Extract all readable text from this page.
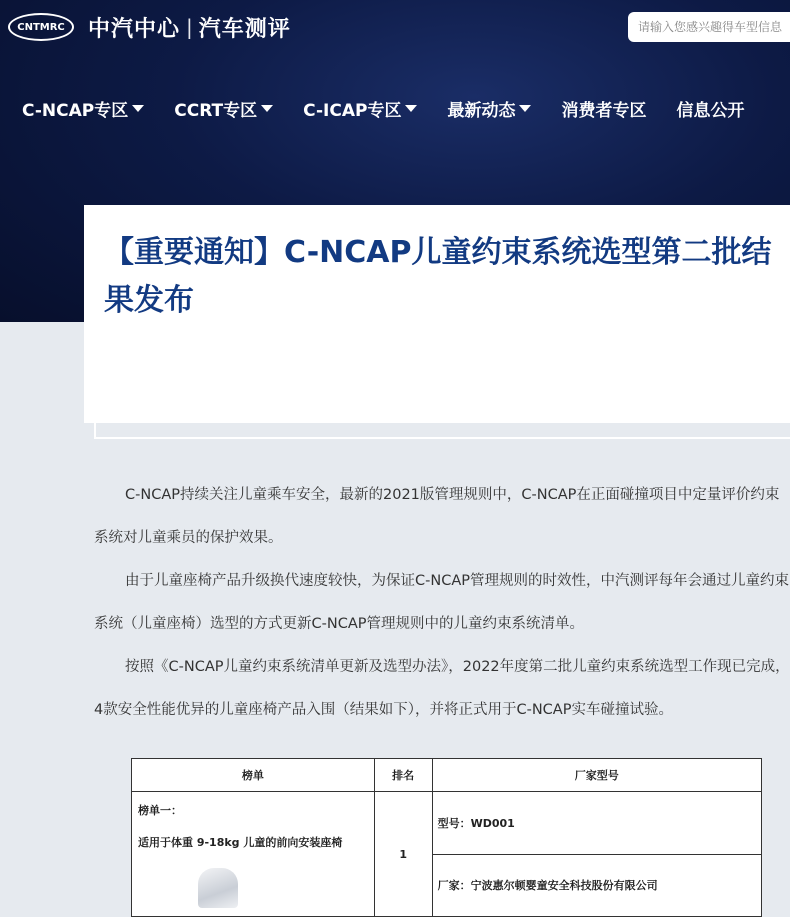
CNTMRC 中汽中心 | 汽车测评	请输入您感兴趣得车型信息
C-NCAP专区	CCRT专区	C-ICAP专区	最新动态	消费者专区 信息公开
【重要通知】C-NCAP儿童约束系统选型第二批结果发布

C-NCAP持续关注儿童乘车安全，最新的2021版管理规则中，C-NCAP在正面碰撞项目中定量评价约束系统对儿童乘员的保护效果。

由于儿童座椅产品升级换代速度较快，为保证C-NCAP管理规则的时效性，中汽测评每年会通过儿童约束系统（儿童座椅）选型的方式更新C-NCAP管理规则中的儿童约束系统清单。

按照《C-NCAP儿童约束系统清单更新及选型办法》，2022年度第二批儿童约束系统选型工作现已完成，4款安全性能优异的儿童座椅产品入围（结果如下），并将正式用于C-NCAP实车碰撞试验。

榜单	排名	厂家型号

榜单一：
适用于体重 9-18kg 儿童的前向安装座椅	1	型号：WD001
		厂家：宁波惠尔顿婴童安全科技股份有限公司
